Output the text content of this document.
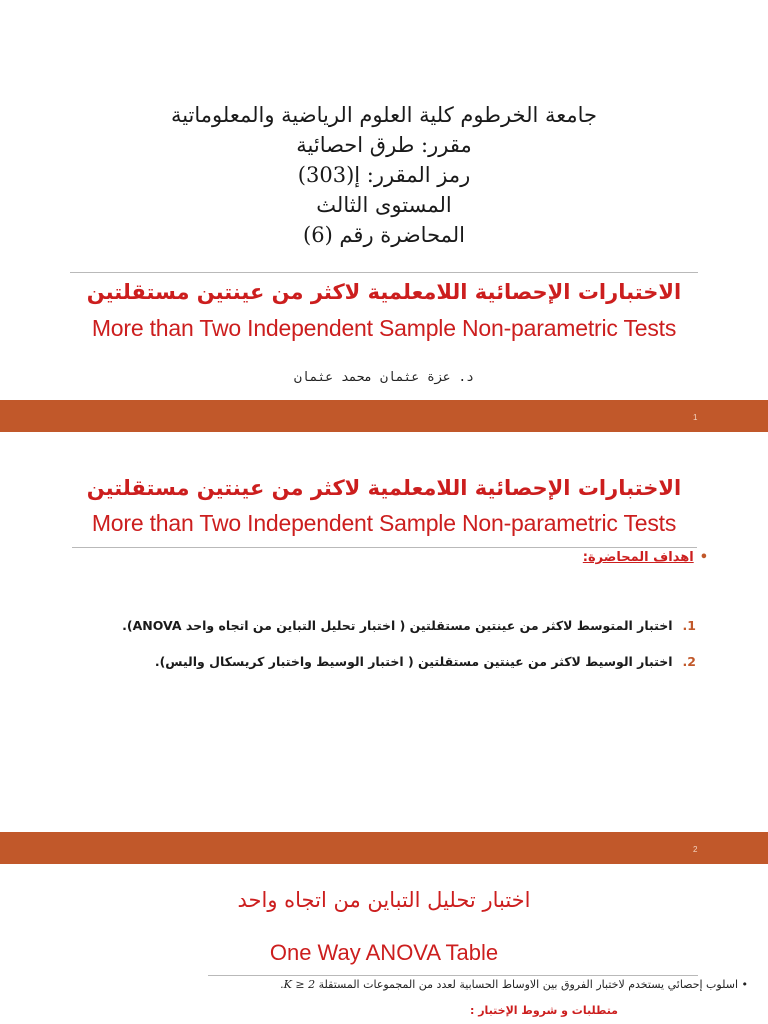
جامعة الخرطوم كلية العلوم الرياضية والمعلوماتية
مقرر: طرق احصائية
رمز المقرر: إ(303)
المستوى الثالث
المحاضرة رقم (6)
الاختبارات الإحصائية اللامعلمية لاكثر من عينتين مستقلتين
More than Two Independent Sample Non-parametric Tests
د. عزة عثمان محمد عثمان
1
الاختبارات الإحصائية اللامعلمية لاكثر من عينتين مستقلتين
More than Two Independent Sample Non-parametric Tests
•اهداف المحاضرة:
1.اختبار المتوسط لاكثر من عينتين مستقلتين ( اختبار تحليل التباين من اتجاه واحد ANOVA).
2.اختبار الوسيط لاكثر من عينتين مستقلتين ( اختبار الوسيط واختبار كريسكال واليس).
2
اختبار تحليل التباين من اتجاه واحد
One Way ANOVA Table
• اسلوب إحصائي يستخدم لاختبار الفروق بين الاوساط الحسابية لعدد من المجموعات المستقلة K ≥ 2.
متطلبات و شروط الإختبار :
